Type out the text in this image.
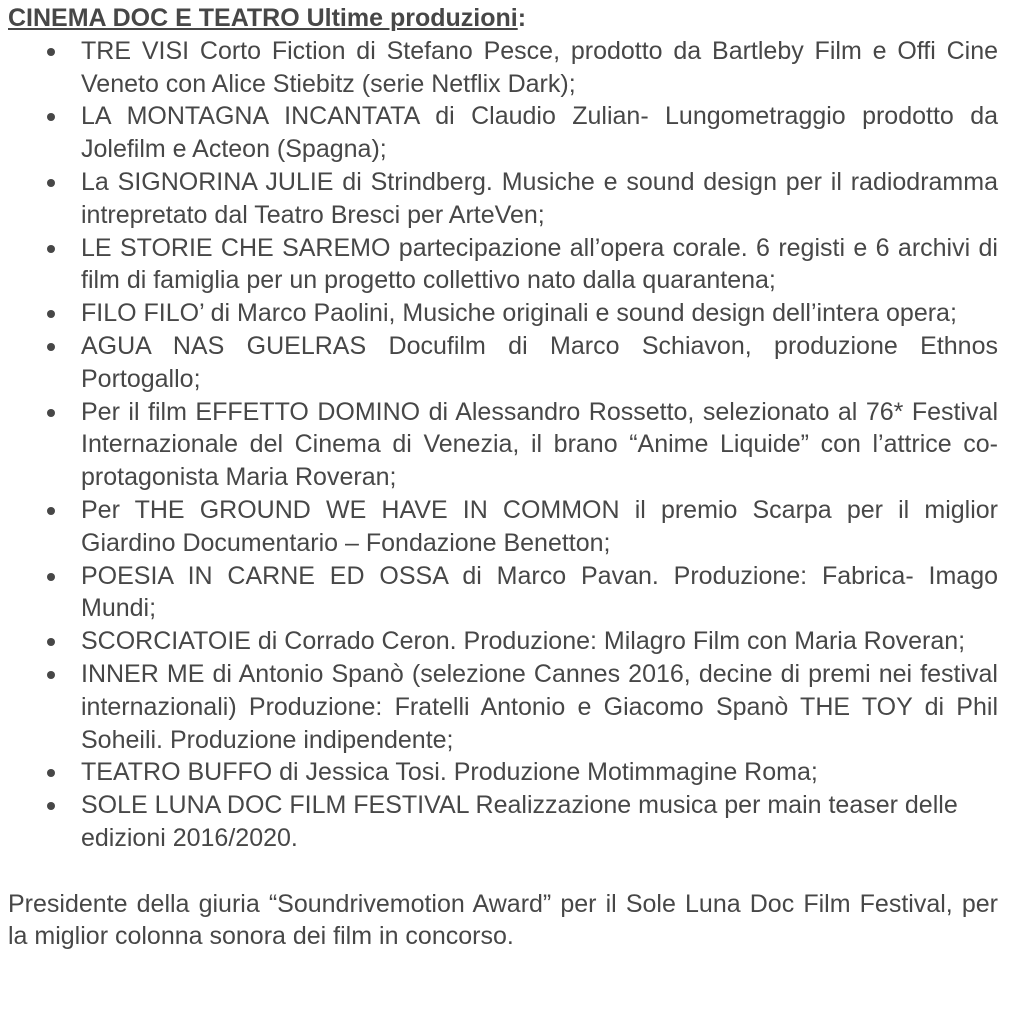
CINEMA DOC E TEATRO Ultime produzioni:

TRE VISI Corto Fiction di Stefano Pesce, prodotto da Bartleby Film e Offi Cine Veneto con Alice Stiebitz (serie Netflix Dark);
LA MONTAGNA INCANTATA di Claudio Zulian- Lungometraggio prodotto da Jolefilm e Acteon (Spagna);
La SIGNORINA JULIE di Strindberg. Musiche e sound design per il radiodramma intrepretato dal Teatro Bresci per ArteVen;
LE STORIE CHE SAREMO partecipazione all’opera corale. 6 registi e 6 archivi di film di famiglia per un progetto collettivo nato dalla quarantena;
FILO FILO’ di Marco Paolini, Musiche originali e sound design dell’intera opera;
AGUA NAS GUELRAS Docufilm di Marco Schiavon, produzione Ethnos Portogallo;
Per il film EFFETTO DOMINO di Alessandro Rossetto, selezionato al 76* Festival Internazionale del Cinema di Venezia, il brano “Anime Liquide” con l’attrice co- protagonista Maria Roveran;
Per THE GROUND WE HAVE IN COMMON il premio Scarpa per il miglior Giardino Documentario – Fondazione Benetton;
POESIA IN CARNE ED OSSA di Marco Pavan. Produzione: Fabrica- Imago Mundi;
SCORCIATOIE di Corrado Ceron. Produzione: Milagro Film con Maria Roveran;
INNER ME di Antonio Spanò (selezione Cannes 2016, decine di premi nei festival internazionali) Produzione: Fratelli Antonio e Giacomo Spanò THE TOY di Phil Soheili. Produzione indipendente;
TEATRO BUFFO di Jessica Tosi. Produzione Motimmagine Roma;
SOLE LUNA DOC FILM FESTIVAL Realizzazione musica per main teaser delle edizioni 2016/2020.

Presidente della giuria “Soundrivemotion Award” per il Sole Luna Doc Film Festival, per la miglior colonna sonora dei film in concorso.
